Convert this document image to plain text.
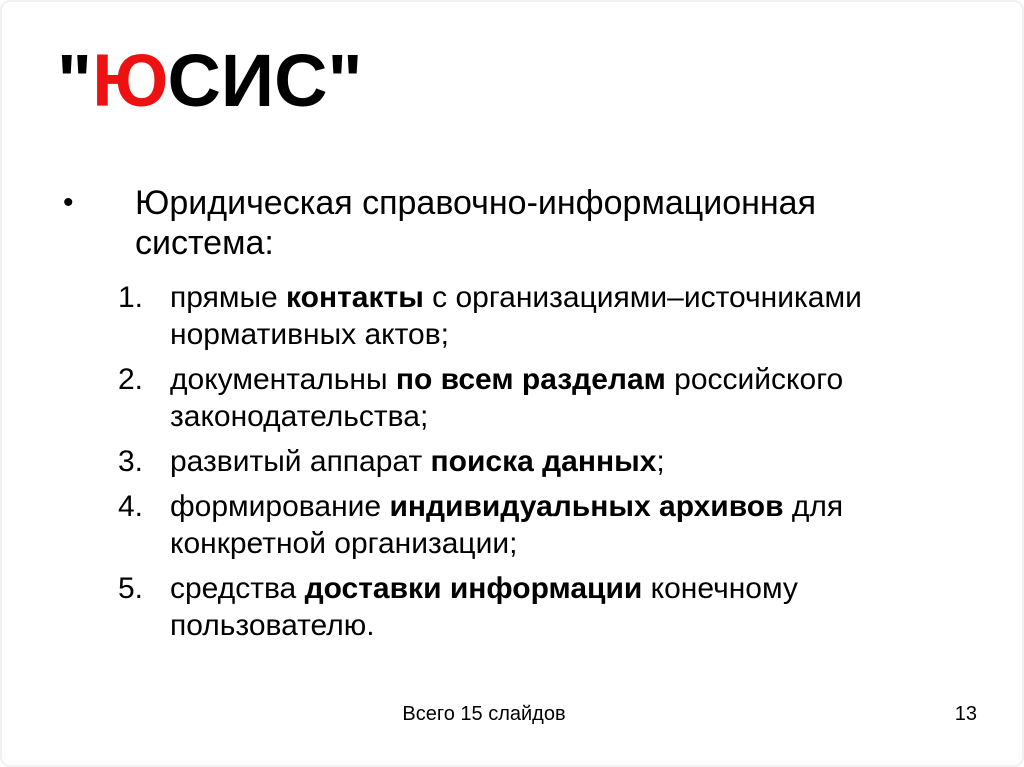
"ЮСИС"
•	Юридическая справочно-информационная система:
1. прямые контакты с организациями–источниками нормативных актов;
2. документальны по всем разделам российского законодательства;
3. развитый аппарат поиска данных;
4. формирование индивидуальных архивов для конкретной организации;
5. средства доставки информации конечному пользователю.
Всего 15 слайдов	13
